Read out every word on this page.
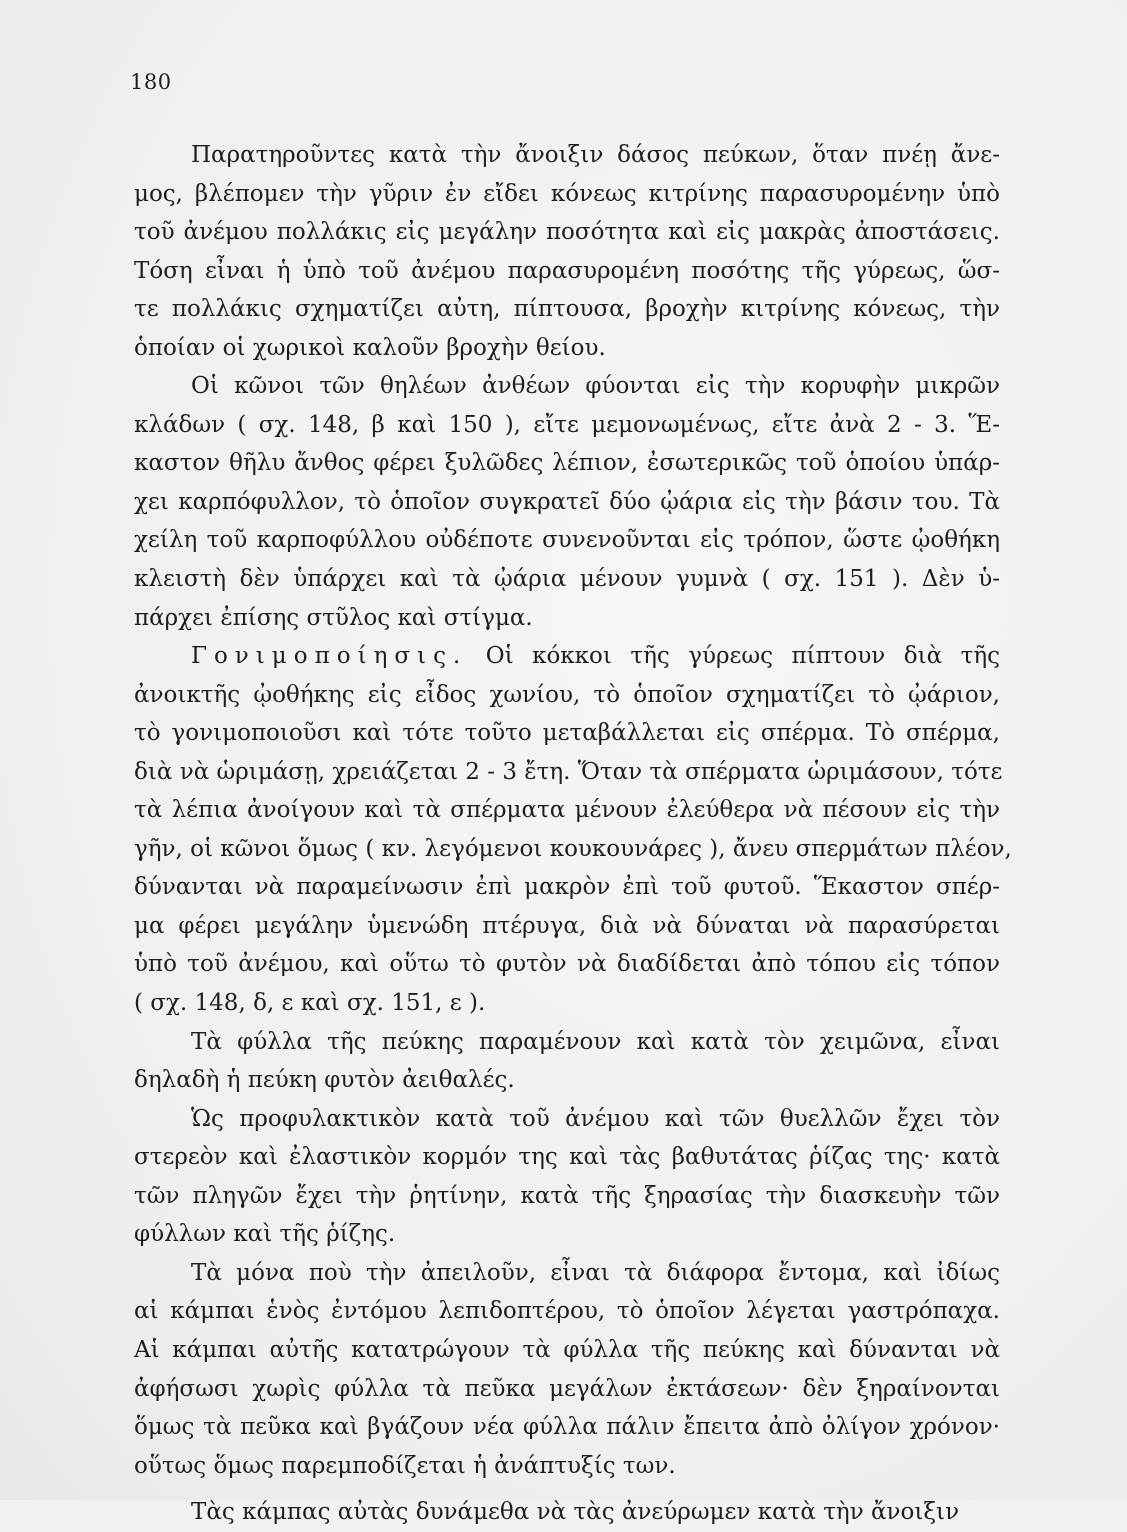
180
Παρατηροῦντες κατὰ τὴν ἄνοιξιν δάσος πεύκων, ὅταν πνέῃ ἄνε-
μος, βλέπομεν τὴν γῦριν ἐν εἴδει κόνεως κιτρίνης παρασυρομένην ὑπὸ
τοῦ ἀνέμου πολλάκις εἰς μεγάλην ποσότητα καὶ εἰς μακρὰς ἀποστάσεις.
Τόση εἶναι ἡ ὑπὸ τοῦ ἀνέμου παρασυρομένη ποσότης τῆς γύρεως, ὥσ-
τε πολλάκις σχηματίζει αὐτη, πίπτουσα, βροχὴν κιτρίνης κόνεως, τὴν
ὁποίαν οἱ χωρικοὶ καλοῦν βροχὴν θείου.
Οἱ κῶνοι τῶν θηλέων ἀνθέων φύονται εἰς τὴν κορυφὴν μικρῶν
κλάδων ( σχ. 148, β καὶ 150 ), εἴτε μεμονωμένως, εἴτε ἀνὰ 2 - 3. Ἕ-
καστον θῆλυ ἄνθος φέρει ξυλῶδες λέπιον, ἐσωτερικῶς τοῦ ὁποίου ὑπάρ-
χει καρπόφυλλον, τὸ ὁποῖον συγκρατεῖ δύο ᾠάρια εἰς τὴν βάσιν του. Τὰ
χείλη τοῦ καρποφύλλου οὐδέποτε συνενοῦνται εἰς τρόπον, ὥστε ᾠοθήκη
κλειστὴ δὲν ὑπάρχει καὶ τὰ ᾠάρια μένουν γυμνὰ ( σχ. 151 ). Δὲν ὑ-
πάρχει ἐπίσης στῦλος καὶ στίγμα.
Γονιμοποίησις. Οἱ κόκκοι τῆς γύρεως πίπτουν διὰ τῆς
ἀνοικτῆς ᾠοθήκης εἰς εἶδος χωνίου, τὸ ὁποῖον σχηματίζει τὸ ᾠάριον,
τὸ γονιμοποιοῦσι καὶ τότε τοῦτο μεταβάλλεται εἰς σπέρμα. Τὸ σπέρμα,
διὰ νὰ ὡριμάσῃ, χρειάζεται 2 - 3 ἔτη. Ὅταν τὰ σπέρματα ὡριμάσουν, τότε
τὰ λέπια ἀνοίγουν καὶ τὰ σπέρματα μένουν ἐλεύθερα νὰ πέσουν εἰς τὴν
γῆν, οἱ κῶνοι ὅμως ( κν. λεγόμενοι κουκουνάρες ), ἄνευ σπερμάτων πλέον,
δύνανται νὰ παραμείνωσιν ἐπὶ μακρὸν ἐπὶ τοῦ φυτοῦ. Ἕκαστον σπέρ-
μα φέρει μεγάλην ὑμενώδη πτέρυγα, διὰ νὰ δύναται νὰ παρασύρεται
ὑπὸ τοῦ ἀνέμου, καὶ οὕτω τὸ φυτὸν νὰ διαδίδεται ἀπὸ τόπου εἰς τόπον
( σχ. 148, δ, ε καὶ σχ. 151, ε ).
Τὰ φύλλα τῆς πεύκης παραμένουν καὶ κατὰ τὸν χειμῶνα, εἶναι
δηλαδὴ ἡ πεύκη φυτὸν ἀειθαλές.
Ὡς προφυλακτικὸν κατὰ τοῦ ἀνέμου καὶ τῶν θυελλῶν ἔχει τὸν
στερεὸν καὶ ἐλαστικὸν κορμόν της καὶ τὰς βαθυτάτας ῥίζας της· κατὰ
τῶν πληγῶν ἔχει τὴν ῥητίνην, κατὰ τῆς ξηρασίας τὴν διασκευὴν τῶν
φύλλων καὶ τῆς ῥίζης.
Τὰ μόνα ποὺ τὴν ἀπειλοῦν, εἶναι τὰ διάφορα ἔντομα, καὶ ἰδίως
αἱ κάμπαι ἑνὸς ἐντόμου λεπιδοπτέρου, τὸ ὁποῖον λέγεται γαστρόπαχα.
Αἱ κάμπαι αὐτῆς κατατρώγουν τὰ φύλλα τῆς πεύκης καὶ δύνανται νὰ
ἀφήσωσι χωρὶς φύλλα τὰ πεῦκα μεγάλων ἐκτάσεων· δὲν ξηραίνονται
ὅμως τὰ πεῦκα καὶ βγάζουν νέα φύλλα πάλιν ἔπειτα ἀπὸ ὀλίγον χρόνον·
οὕτως ὅμως παρεμποδίζεται ἡ ἀνάπτυξίς των.
Τὰς κάμπας αὐτὰς δυνάμεθα νὰ τὰς ἀνεύρωμεν κατὰ τὴν ἄνοιξιν
